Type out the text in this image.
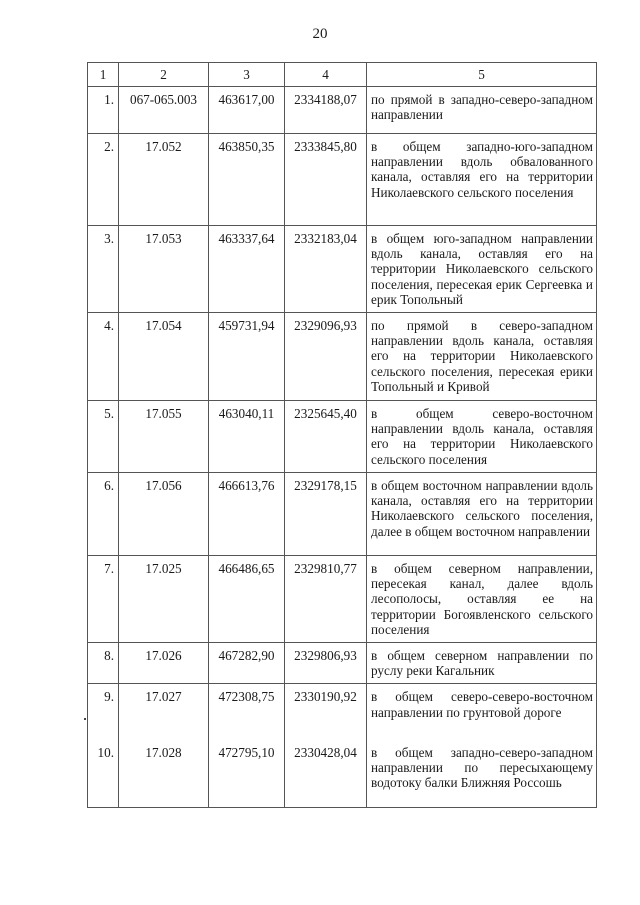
20
1	2	3	4	5
1.	067-065.003	463617,00	2334188,07	по прямой в западно-северо-западном направлении
2.	17.052	463850,35	2333845,80	в общем западно-юго-западном направлении вдоль обвалованного канала, оставляя его на территории Николаевского сельского поселения
3.	17.053	463337,64	2332183,04	в общем юго-западном направлении вдоль канала, оставляя его на территории Николаевского сельского поселения, пересекая ерик Сергеевка и ерик Топольный
4.	17.054	459731,94	2329096,93	по прямой в северо-западном направлении вдоль канала, оставляя его на территории Николаевского сельского поселения, пересекая ерики Топольный и Кривой
5.	17.055	463040,11	2325645,40	в общем северо-восточном направлении вдоль канала, оставляя его на территории Николаевского сельского поселения
6.	17.056	466613,76	2329178,15	в общем восточном направлении вдоль канала, оставляя его на территории Николаевского сельского поселения, далее в общем восточном направлении
7.	17.025	466486,65	2329810,77	в общем северном направлении, пересекая канал, далее вдоль лесополосы, оставляя ее на территории Богоявленского сельского поселения
8.	17.026	467282,90	2329806,93	в общем северном направлении по руслу реки Кагальник
9.	17.027	472308,75	2330190,92	в общем северо-северо-восточном направлении по грунтовой дороге
10.	17.028	472795,10	2330428,04	в общем западно-северо-западном направлении по пересыхающему водотоку балки Ближняя Россошь
